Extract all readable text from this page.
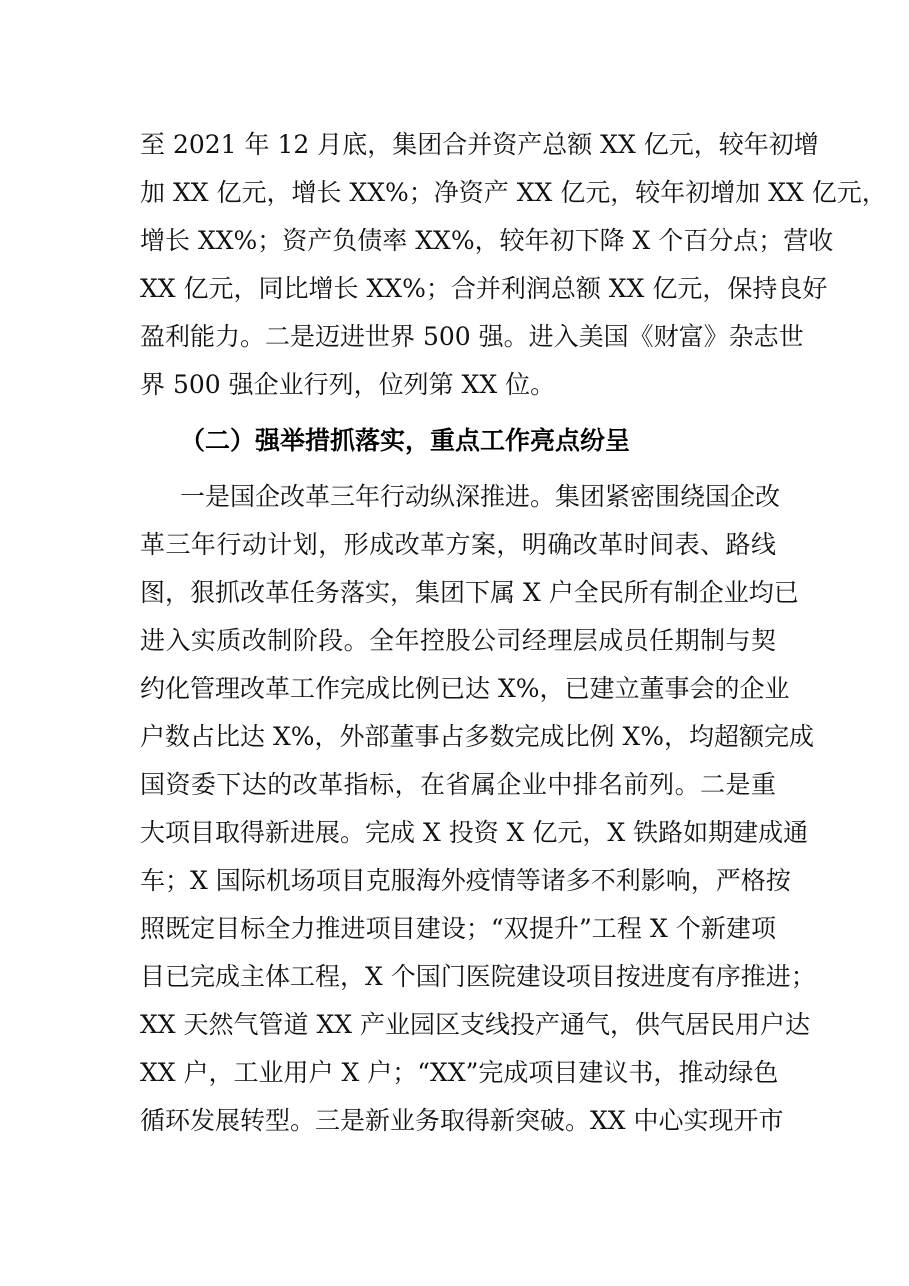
至 2021 年 12 月底，集团合并资产总额 XX 亿元，较年初增
加 XX 亿元，增长 XX%；净资产 XX 亿元，较年初增加 XX 亿元，
增长 XX%；资产负债率 XX%，较年初下降 X 个百分点；营收
XX 亿元，同比增长 XX%；合并利润总额 XX 亿元，保持良好
盈利能力。二是迈进世界 500 强。进入美国《财富》杂志世
界 500 强企业行列，位列第 XX 位。
（二）强举措抓落实，重点工作亮点纷呈
一是国企改革三年行动纵深推进。集团紧密围绕国企改
革三年行动计划，形成改革方案，明确改革时间表、路线
图，狠抓改革任务落实，集团下属 X 户全民所有制企业均已
进入实质改制阶段。全年控股公司经理层成员任期制与契
约化管理改革工作完成比例已达 X%，已建立董事会的企业
户数占比达 X%，外部董事占多数完成比例 X%，均超额完成
国资委下达的改革指标，在省属企业中排名前列。二是重
大项目取得新进展。完成 X 投资 X 亿元，X 铁路如期建成通
车；X 国际机场项目克服海外疫情等诸多不利影响，严格按
照既定目标全力推进项目建设；“双提升”工程 X 个新建项
目已完成主体工程，X 个国门医院建设项目按进度有序推进；
XX 天然气管道 XX 产业园区支线投产通气，供气居民用户达
XX 户，工业用户 X 户；“XX”完成项目建议书，推动绿色
循环发展转型。三是新业务取得新突破。XX 中心实现开市
